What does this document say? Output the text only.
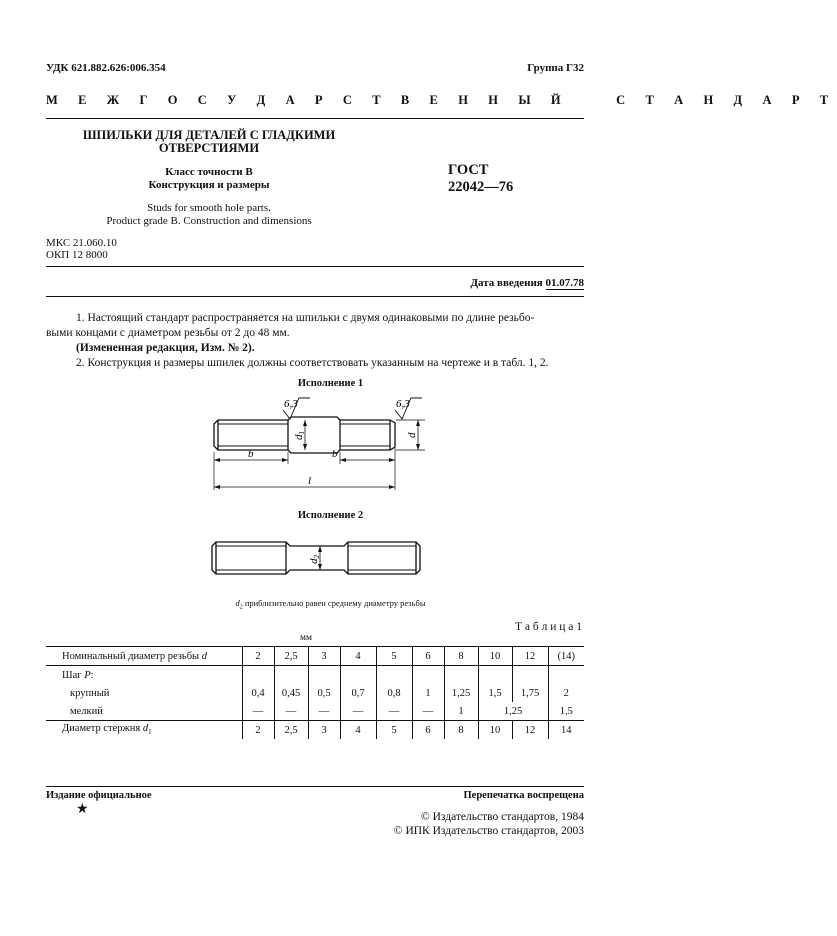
УДК 621.882.626:006.354	Группа Г32
М Е Ж Г О С У Д А Р С Т В Е Н Н Ы Й    С Т А Н Д А Р Т
ШПИЛЬКИ ДЛЯ ДЕТАЛЕЙ С ГЛАДКИМИ
ОТВЕРСТИЯМИ
Класс точности В
Конструкция и размеры
Studs for smooth hole parts.
Product grade B. Construction and dimensions
ГОСТ
22042—76
МКС 21.060.10
ОКП 12 8000
Дата введения 01.07.78
1. Настоящий стандарт распространяется на шпильки с двумя одинаковыми по длине резьбо-
выми концами с диаметром резьбы от 2 до 48 мм.
(Измененная редакция, Изм. № 2).
2. Конструкция и размеры шпилек должны соответствовать указанным на чертеже и в табл. 1, 2.
Исполнение 1
6,3	6,3
d1	d
b	b
l
Исполнение 2
d2
$d_2$ приблизительно равен среднему диаметру резьбы
Т а б л и ц а 1
мм
Номинальный диаметр резьбы d	2	2,5	3	4	5	6	8	10	12	(14)
Шаг P:										
крупный	0,4	0,45	0,5	0,7	0,8	1	1,25	1,5	1,75	2
мелкий	—	—	—	—	—	—	1	1,25		1,5
Диаметр стержня $d_1$	2	2,5	3	4	5	6	8	10	12	14
Издание официальное	Перепечатка воспрещена
★	© Издательство стандартов, 1984
© ИПК Издательство стандартов, 2003
